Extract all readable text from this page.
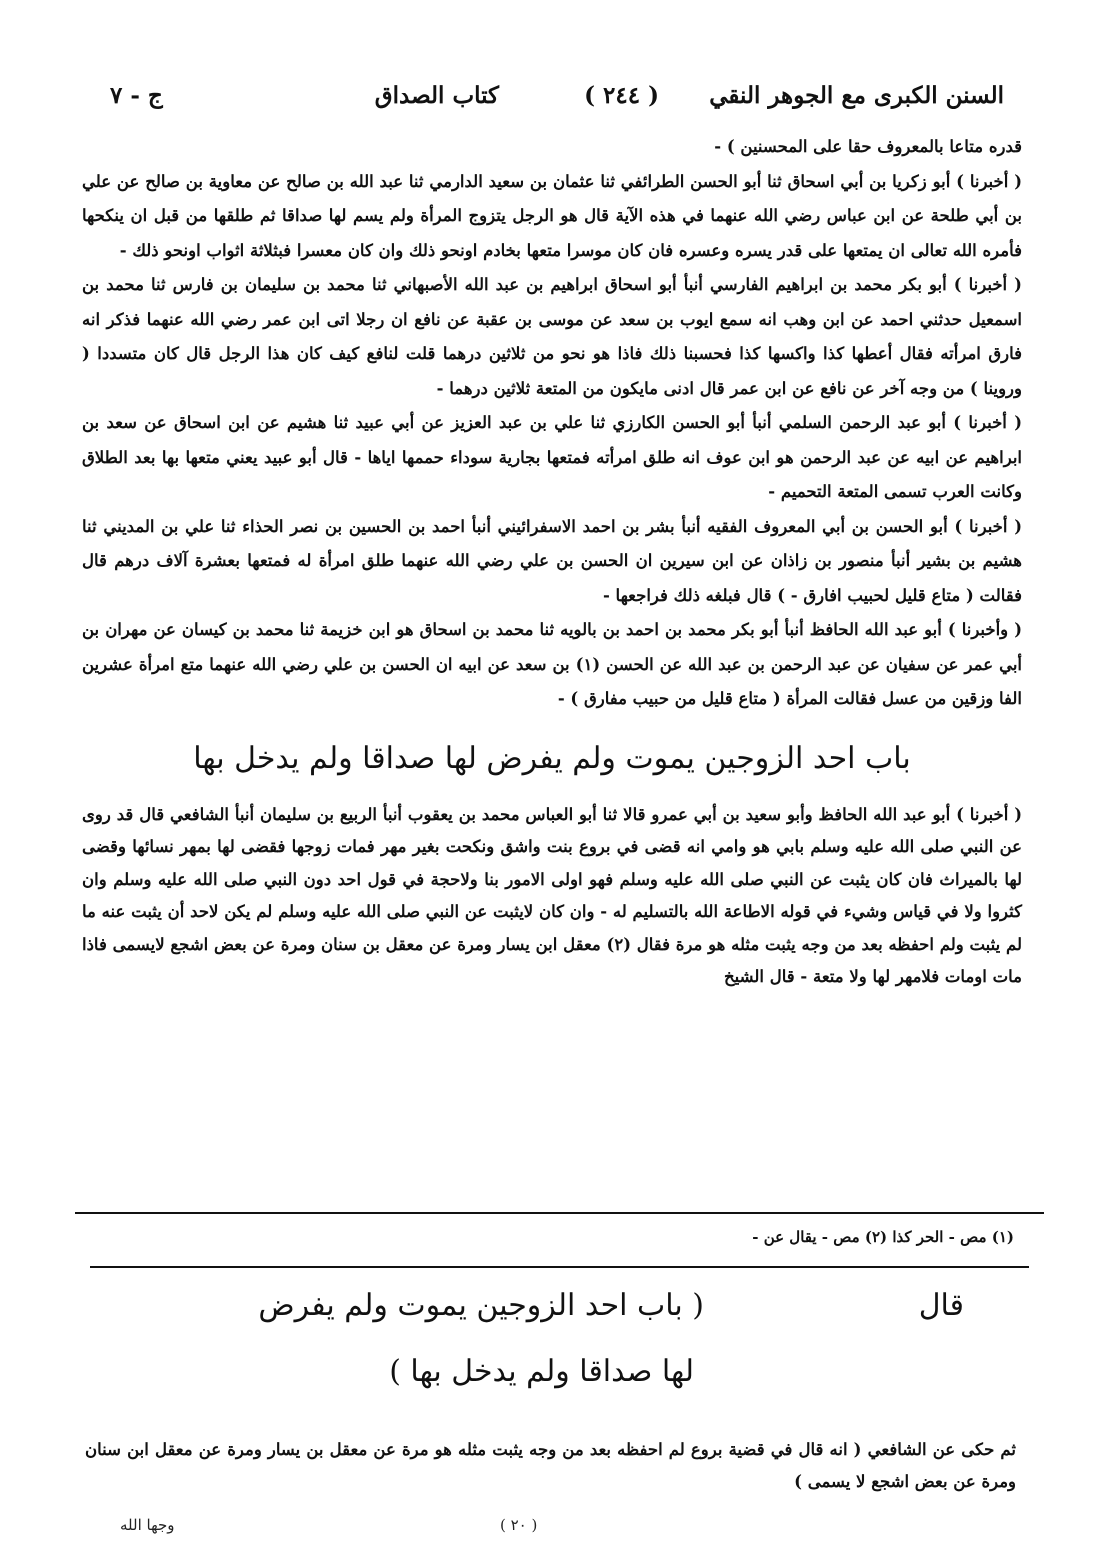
السنن الكبرى مع الجوهر النقي
( ٢٤٤ )
كتاب الصداق
ج - ٧

قدره متاعا بالمعروف حقا على المحسنين ) -

( أخبرنا ) أبو زكريا بن أبي اسحاق ثنا أبو الحسن الطرائفي ثنا عثمان بن سعيد الدارمي ثنا عبد الله بن صالح عن معاوية بن صالح عن علي بن أبي طلحة عن ابن عباس رضي الله عنهما في هذه الآية قال هو الرجل يتزوج المرأة ولم يسم لها صداقا ثم طلقها من قبل ان ينكحها فأمره الله تعالى ان يمتعها على قدر يسره وعسره فان كان موسرا متعها بخادم اونحو ذلك وان كان معسرا فبثلاثة اثواب اونحو ذلك -

( أخبرنا ) أبو بكر محمد بن ابراهيم الفارسي أنبأ أبو اسحاق ابراهيم بن عبد الله الأصبهاني ثنا محمد بن سليمان بن فارس ثنا محمد بن اسمعيل حدثني احمد عن ابن وهب انه سمع ايوب بن سعد عن موسى بن عقبة عن نافع ان رجلا اتى ابن عمر رضي الله عنهما فذكر انه فارق امرأته فقال أعطها كذا واكسها كذا فحسبنا ذلك فاذا هو نحو من ثلاثين درهما قلت لنافع كيف كان هذا الرجل قال كان متسددا ( وروينا ) من وجه آخر عن نافع عن ابن عمر قال ادنى مايكون من المتعة ثلاثين درهما -

( أخبرنا ) أبو عبد الرحمن السلمي أنبأ أبو الحسن الكارزي ثنا علي بن عبد العزيز عن أبي عبيد ثنا هشيم عن ابن اسحاق عن سعد بن ابراهيم عن ابيه عن عبد الرحمن هو ابن عوف انه طلق امرأته فمتعها بجارية سوداء حممها اياها - قال أبو عبيد يعني متعها بها بعد الطلاق وكانت العرب تسمى المتعة التحميم -

( أخبرنا ) أبو الحسن بن أبي المعروف الفقيه أنبأ بشر بن احمد الاسفرائيني أنبأ احمد بن الحسين بن نصر الحذاء ثنا علي بن المديني ثنا هشيم بن بشير أنبأ منصور بن زاذان عن ابن سيرين ان الحسن بن علي رضي الله عنهما طلق امرأة له فمتعها بعشرة آلاف درهم قال فقالت ( متاع قليل لحبيب افارق - ) قال فبلغه ذلك فراجعها -

( وأخبرنا ) أبو عبد الله الحافظ أنبأ أبو بكر محمد بن احمد بن بالويه ثنا محمد بن اسحاق هو ابن خزيمة ثنا محمد بن كيسان عن مهران بن أبي عمر عن سفيان عن عبد الرحمن بن عبد الله عن الحسن (١) بن سعد عن ابيه ان الحسن بن علي رضي الله عنهما متع امرأة عشرين الفا وزقين من عسل فقالت المرأة ( متاع قليل من حبيب مفارق ) -

باب احد الزوجين يموت ولم يفرض لها صداقا ولم يدخل بها

( أخبرنا ) أبو عبد الله الحافظ وأبو سعيد بن أبي عمرو قالا ثنا أبو العباس محمد بن يعقوب أنبأ الربيع بن سليمان أنبأ الشافعي قال قد روى عن النبي صلى الله عليه وسلم بابي هو وامي انه قضى في بروع بنت واشق ونكحت بغير مهر فمات زوجها فقضى لها بمهر نسائها وقضى لها بالميراث فان كان يثبت عن النبي صلى الله عليه وسلم فهو اولى الامور بنا ولاحجة في قول احد دون النبي صلى الله عليه وسلم وان كثروا ولا في قياس وشيء في قوله الاطاعة الله بالتسليم له - وان كان لايثبت عن النبي صلى الله عليه وسلم لم يكن لاحد أن يثبت عنه ما لم يثبت ولم احفظه بعد من وجه يثبت مثله هو مرة فقال (٢) معقل ابن يسار ومرة عن معقل بن سنان ومرة عن بعض اشجع لايسمى فاذا مات اومات فلامهر لها ولا متعة - قال الشيخ

(١) مص - الحر كذا (٢) مص - يقال عن -
قال
( باب احد الزوجين يموت ولم يفرض
لها صداقا ولم يدخل بها )
ثم حكى عن الشافعي ( انه قال في قضية بروع لم احفظه بعد من وجه يثبت مثله هو مرة عن معقل بن يسار ومرة عن معقل ابن سنان ومرة عن بعض اشجع لا يسمى )
( ٢٠ )
وجها الله
